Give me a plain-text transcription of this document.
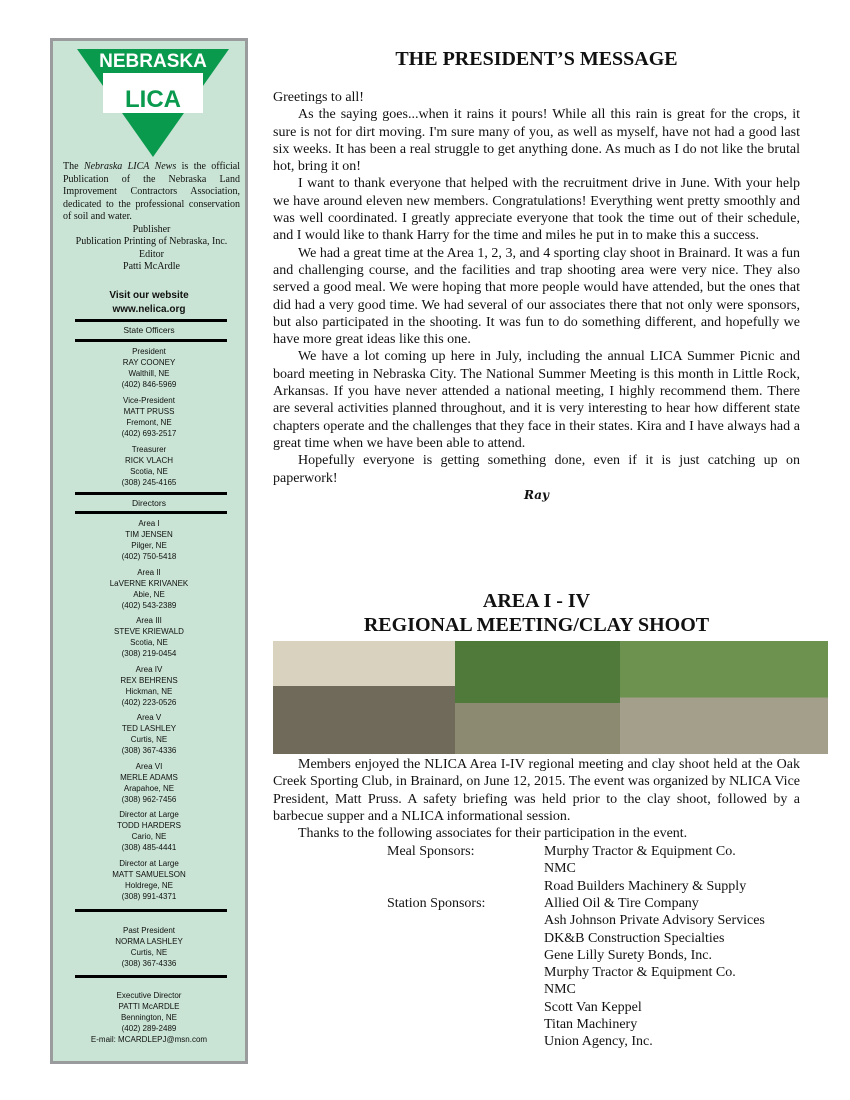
NEBRASKA
LICA
The Nebraska LICA News is the official Publication of the Nebraska Land Improvement Contractors Association, dedicated to the professional conservation of soil and water.
Publisher
Publication Printing of Nebraska, Inc.
Editor
Patti McArdle
Visit our website
www.nelica.org
State Officers
President
RAY COONEY
Walthill, NE
(402) 846-5969
Vice-President
MATT PRUSS
Fremont, NE
(402) 693-2517
Treasurer
RICK VLACH
Scotia, NE
(308) 245-4165
Directors
Area I
TIM JENSEN
Pilger, NE
(402) 750-5418
Area II
LaVERNE KRIVANEK
Abie, NE
(402) 543-2389
Area III
STEVE KRIEWALD
Scotia, NE
(308) 219-0454
Area IV
REX BEHRENS
Hickman, NE
(402) 223-0526
Area V
TED LASHLEY
Curtis, NE
(308) 367-4336
Area VI
MERLE ADAMS
Arapahoe, NE
(308) 962-7456
Director at Large
TODD HARDERS
Cario, NE
(308) 485-4441
Director at Large
MATT SAMUELSON
Holdrege, NE
(308) 991-4371
Past President
NORMA LASHLEY
Curtis, NE
(308) 367-4336
Executive Director
PATTI McARDLE
Bennington, NE
(402) 289-2489
E-mail: MCARDLEPJ@msn.com
THE PRESIDENT’S MESSAGE
Greetings to all!

As the saying goes...when it rains it pours! While all this rain is great for the crops, it sure is not for dirt moving. I'm sure many of you, as well as myself, have not had a good last six weeks. It has been a real struggle to get anything done. As much as I do not like the brutal hot, bring it on!

I want to thank everyone that helped with the recruitment drive in June. With your help we have around eleven new members. Congratulations! Everything went pretty smoothly and was well coordinated. I greatly appreciate everyone that took the time out of their schedule, and I would like to thank Harry for the time and miles he put in to make this a success.

We had a great time at the Area 1, 2, 3, and 4 sporting clay shoot in Brainard. It was a fun and challenging course, and the facilities and trap shooting area were very nice. They also served a good meal. We were hoping that more people would have attended, but the ones that did had a very good time. We had several of our associates there that not only were sponsors, but also participated in the shooting. It was fun to do something different, and hopefully we have more great ideas like this one.

We have a lot coming up here in July, including the annual LICA Summer Picnic and board meeting in Nebraska City. The National Summer Meeting is this month in Little Rock, Arkansas. If you have never attended a national meeting, I highly recommend them. There are several activities planned throughout, and it is very interesting to hear how different state chapters operate and the challenges that they face in their states. Kira and I have always had a great time when we have been able to attend.

Hopefully everyone is getting something done, even if it is just catching up on paperwork!

Ray
AREA I - IV
REGIONAL MEETING/CLAY SHOOT

Members enjoyed the NLICA Area I-IV regional meeting and clay shoot held at the Oak Creek Sporting Club, in Brainard, on June 12, 2015. The event was organized by NLICA Vice President, Matt Pruss. A safety briefing was held prior to the clay shoot, followed by a barbecue supper and a NLICA informational session.

Thanks to the following associates for their participation in the event.

Meal Sponsors:	Murphy Tractor & Equipment Co.
NMC
Road Builders Machinery & Supply
Station Sponsors:	Allied Oil & Tire Company
Ash Johnson Private Advisory Services
DK&B Construction Specialties
Gene Lilly Surety Bonds, Inc.
Murphy Tractor & Equipment Co.
NMC
Scott Van Keppel
Titan Machinery
Union Agency, Inc.
